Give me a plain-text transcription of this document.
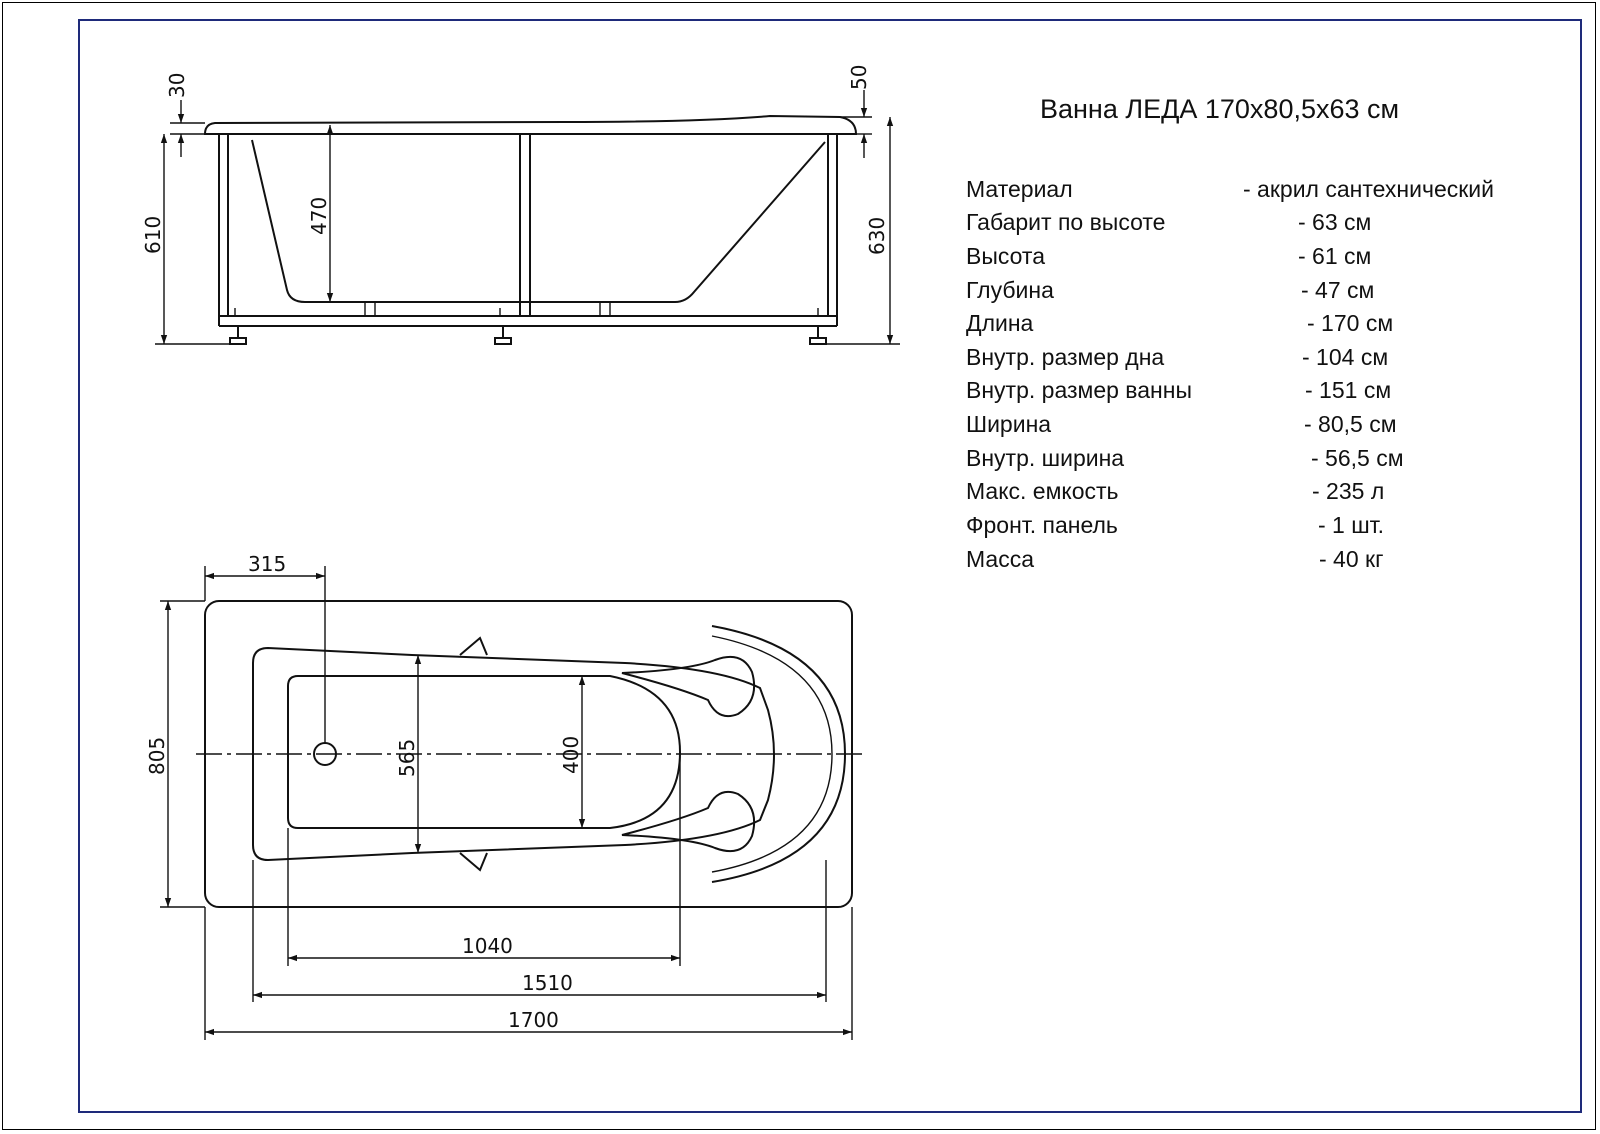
Ванна ЛЕДА 170х80,5х63 см
Материал	- акрил сантехнический
Габарит по высоте	- 63 см
Высота	- 61 см
Глубина	- 47 см
Длина	- 170 см
Внутр. размер дна	- 104 см
Внутр. размер ванны	- 151 см
Ширина	- 80,5 см
Внутр. ширина	- 56,5 см
Макс. емкость	- 235 л
Фронт. панель	- 1 шт.
Масса	- 40 кг
30
610	470
50
630
315
805	565	400
1040
1510
1700
